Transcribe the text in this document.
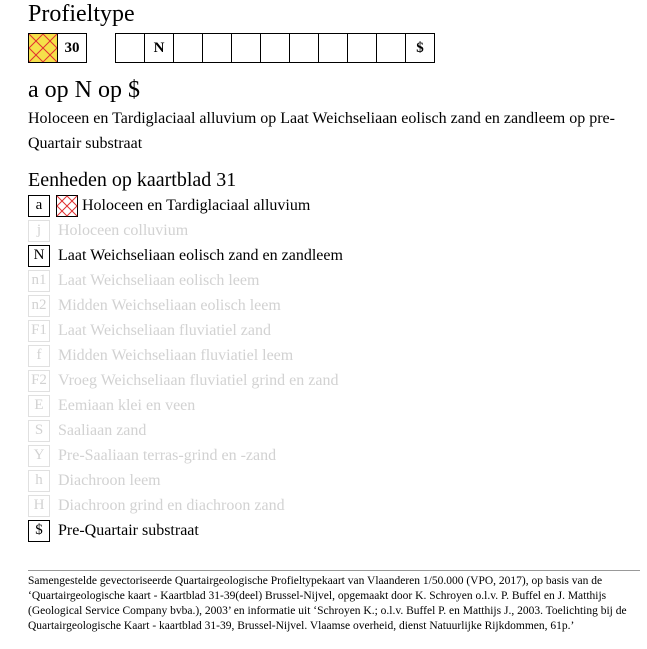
Profieltype
30	N	$
a op N op $
Holoceen en Tardiglaciaal alluvium op Laat Weichseliaan eolisch zand en zandleem op pre-Quartair substraat
Eenheden op kaartblad 31
a	Holoceen en Tardiglaciaal alluvium
j	Holoceen colluvium
N Laat Weichseliaan eolisch zand en zandleem
n1 Laat Weichseliaan eolisch leem
n2 Midden Weichseliaan eolisch leem
F1 Laat Weichseliaan fluviatiel zand
f	Midden Weichseliaan fluviatiel leem
F2 Vroeg Weichseliaan fluviatiel grind en zand
E Eemiaan klei en veen
S Saaliaan zand
Y Pre-Saaliaan terras-grind en -zand
h Diachroon leem
H Diachroon grind en diachroon zand
$ Pre-Quartair substraat
Samengestelde gevectoriseerde Quartairgeologische Profieltypekaart van Vlaanderen 1/50.000 (VPO, 2017), op basis van de ‘Quartairgeologische kaart - Kaartblad 31-39(deel) Brussel-Nijvel, opgemaakt door K. Schroyen o.l.v. P. Buffel en J. Matthijs (Geological Service Company bvba.), 2003’ en informatie uit ‘Schroyen K.; o.l.v. Buffel P. en Matthijs J., 2003. Toelichting bij de Quartairgeologische Kaart - kaartblad 31-39, Brussel-Nijvel. Vlaamse overheid, dienst Natuurlijke Rijkdommen, 61p.’
